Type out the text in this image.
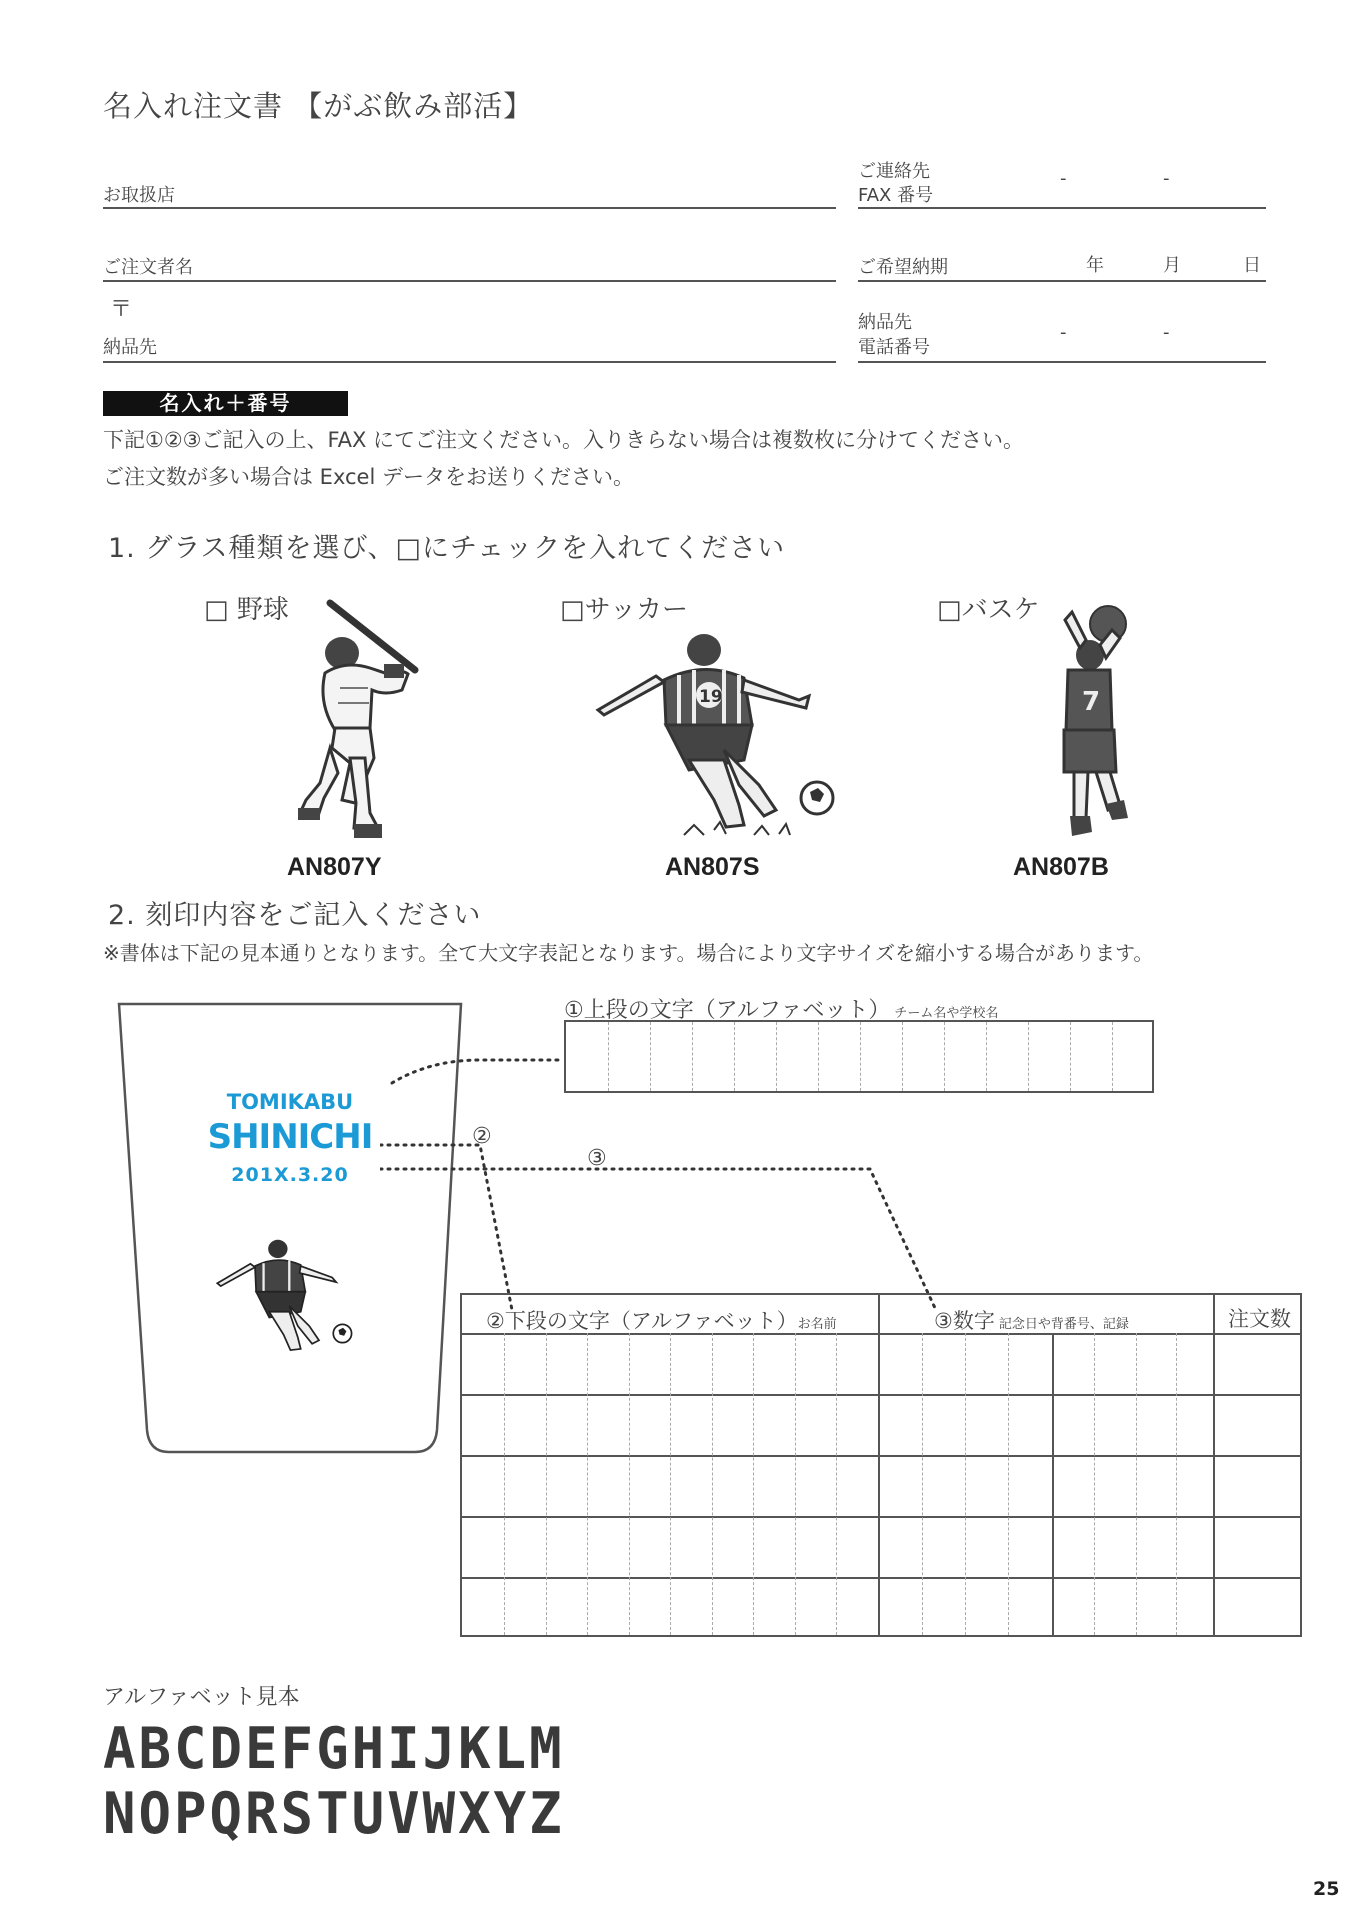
名入れ注文書 【がぶ飲み部活】
お取扱店
ご連絡先
FAX 番号
-	-
ご注文者名	ご希望納期	年	月	日
〒
納品先
納品先
電話番号
-	-
名入れ＋番号
下記①②③ご記入の上、FAX にてご注文ください。入りきらない場合は複数枚に分けてください。
ご注文数が多い場合は Excel データをお送りください。
1. グラス種類を選び、□にチェックを入れてください
□ 野球	□サッカー	□バスケ
19	7
AN807Y	AN807S	AN807B
2. 刻印内容をご記入ください
※書体は下記の見本通りとなります。全て大文字表記となります。場合により文字サイズを縮小する場合があります。
TOMIKABU
SHINICHI
201X.3.20
②
③
①上段の文字（アルファベット） チーム名や学校名
②下段の文字（アルファベット）お名前	③数字 記念日や背番号、記録	注文数
アルファベット見本
ABCDEFGHIJKLM
NOPQRSTUVWXYZ
25
